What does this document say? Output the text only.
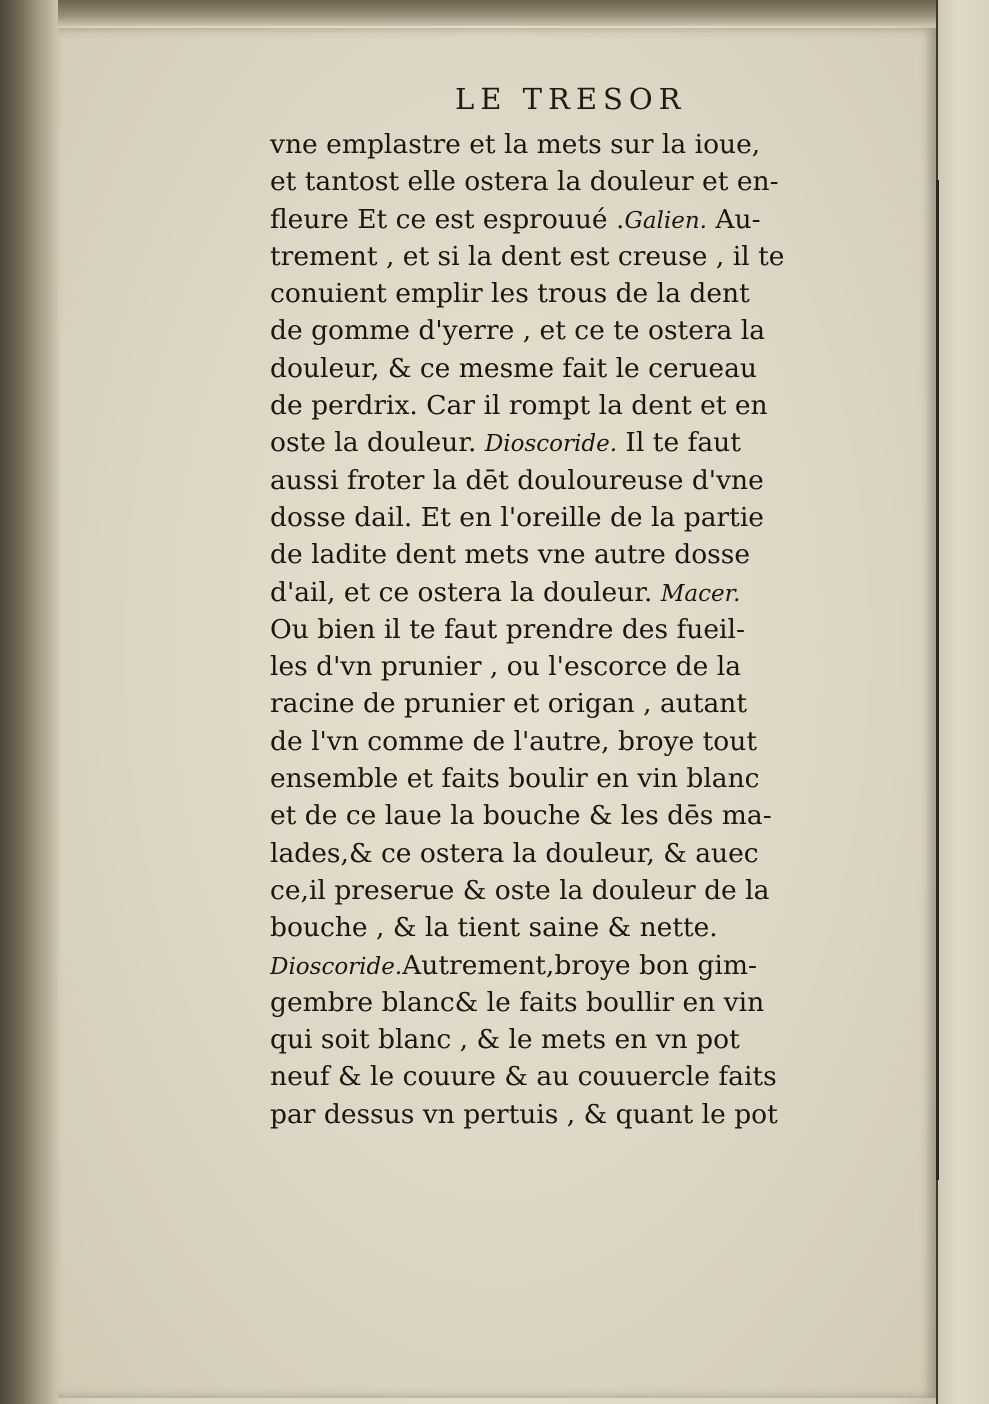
LE TRESOR
vne emplastre et la mets sur la ioue,
et tantost elle ostera la douleur et en-
fleure Et ce est esprouué .Galien. Au-
trement , et si la dent est creuse , il te
conuient emplir les trous de la dent
de gomme d'yerre , et ce te ostera la
douleur, & ce mesme fait le cerueau
de perdrix. Car il rompt la dent et en
oste la douleur. Dioscoride. Il te faut
aussi froter la dēt douloureuse d'vne
dosse dail. Et en l'oreille de la partie
de ladite dent mets vne autre dosse
d'ail, et ce ostera la douleur. Macer.
Ou bien il te faut prendre des fueil-
les d'vn prunier , ou l'escorce de la
racine de prunier et origan , autant
de l'vn comme de l'autre, broye tout
ensemble et faits boulir en vin blanc
et de ce laue la bouche & les dēs ma-
lades,& ce ostera la douleur, & auec
ce,il preserue & oste la douleur de la
bouche , & la tient saine & nette.
Dioscoride.Autrement,broye bon gim-
gembre blanc& le faits boullir en vin
qui soit blanc , & le mets en vn pot
neuf & le couure & au couuercle faits
par dessus vn pertuis , & quant le pot
